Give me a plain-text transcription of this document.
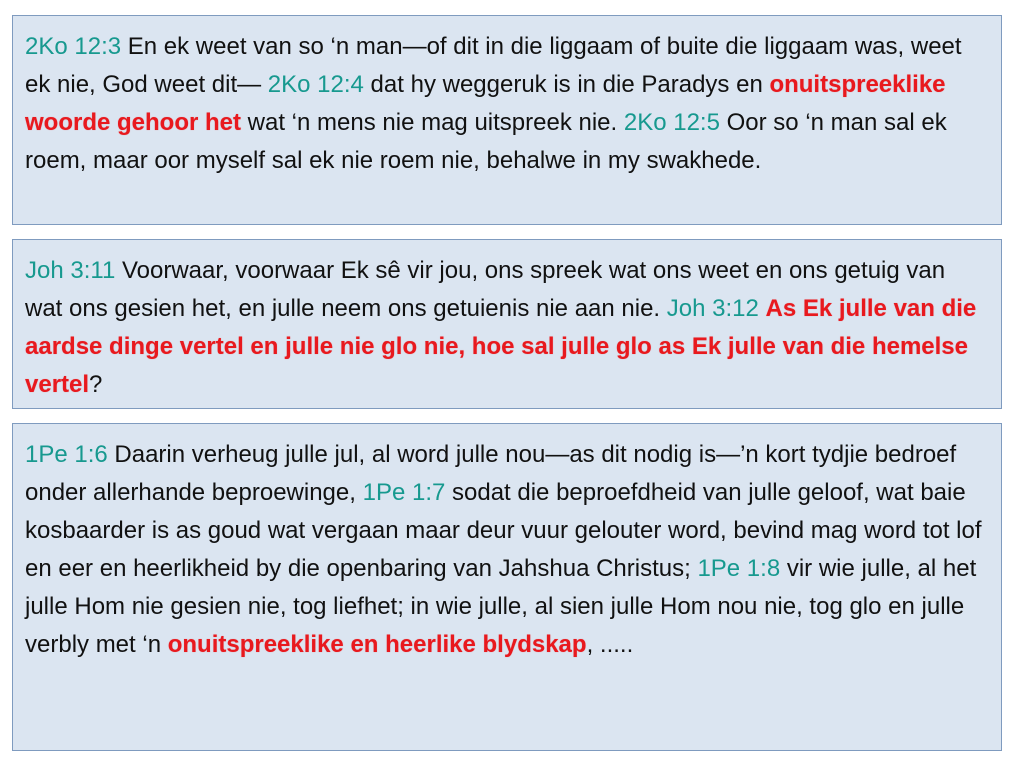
2Ko 12:3 En ek weet van so ‘n man—of dit in die liggaam of buite die liggaam was, weet ek nie, God weet dit— 2Ko 12:4 dat hy weggeruk is in die Paradys en onuitspreeklike woorde gehoor het wat ‘n mens nie mag uitspreek nie. 2Ko 12:5 Oor so ‘n man sal ek roem, maar oor myself sal ek nie roem nie, behalwe in my swakhede.
Joh 3:11 Voorwaar, voorwaar Ek sê vir jou, ons spreek wat ons weet en ons getuig van wat ons gesien het, en julle neem ons getuienis nie aan nie. Joh 3:12 As Ek julle van die aardse dinge vertel en julle nie glo nie, hoe sal julle glo as Ek julle van die hemelse vertel?
1Pe 1:6 Daarin verheug julle jul, al word julle nou—as dit nodig is—’n kort tydjie bedroef onder allerhande beproewinge, 1Pe 1:7 sodat die beproefdheid van julle geloof, wat baie kosbaarder is as goud wat vergaan maar deur vuur gelouter word, bevind mag word tot lof en eer en heerlikheid by die openbaring van Jahshua Christus; 1Pe 1:8 vir wie julle, al het julle Hom nie gesien nie, tog liefhet; in wie julle, al sien julle Hom nou nie, tog glo en julle verbly met ‘n onuitspreeklike en heerlike blydskap, .....
